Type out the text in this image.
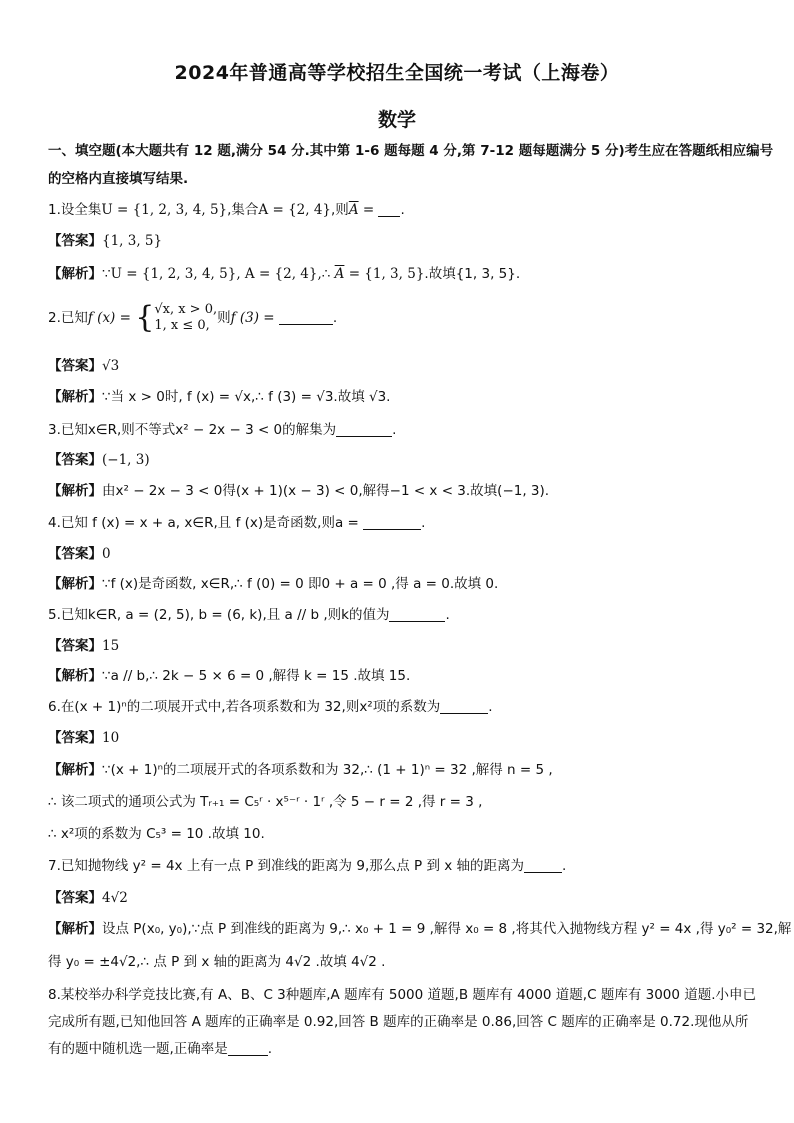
2024年普通高等学校招生全国统一考试（上海卷）
数学
一、填空题(本大题共有 12 题,满分 54 分.其中第 1-6 题每题 4 分,第 7-12 题每题满分 5 分)考生应在答题纸相应编号
的空格内直接填写结果.
1.设全集U = {1, 2, 3, 4, 5},集合A = {2, 4},则$\overline{A}$ = .
【答案】{1, 3, 5}
【解析】∵U = {1, 2, 3, 4, 5}, A = {2, 4},∴ $\overline{A} = \{1$, 3, 5}.故填{1, 3, 5}.
2.已知f (x) = {√x, x > 0,
1, x ≤ 0, 则f (3) =	.
【答案】√3
【解析】∵当 x > 0时, f (x) = √x,∴ f (3) = √3.故填 √3.
3.已知x∈R,则不等式x² − 2x − 3 < 0的解集为	.
【答案】(−1, 3)
【解析】由x² − 2x − 3 < 0得(x + 1)(x − 3) < 0,解得−1 < x < 3.故填(−1, 3).
4.已知 f (x) = x + a, x∈R,且 f (x)是奇函数,则a =	.
【答案】0
【解析】∵f (x)是奇函数, x∈R,∴ f (0) = 0 即0 + a = 0 ,得 a = 0.故填 0.
5.已知k∈R, a = (2, 5), b = (6, k),且 a // b ,则k的值为	.
【答案】15
【解析】∵a // b,∴ 2k − 5 × 6 = 0 ,解得 k = 15 .故填 15.
6.在(x + 1)ⁿ的二项展开式中,若各项系数和为 32,则x²项的系数为	.
【答案】10
【解析】∵(x + 1)ⁿ的二项展开式的各项系数和为 32,∴ (1 + 1)ⁿ = 32 ,解得 n = 5 ,
∴ 该二项式的通项公式为 Tᵣ₊₁ = C₅ʳ · x⁵⁻ʳ · 1ʳ ,令 5 − r = 2 ,得 r = 3 ,
∴ x²项的系数为 C₅³ = 10 .故填 10.
7.已知抛物线 y² = 4x 上有一点 P 到准线的距离为 9,那么点 P 到 x 轴的距离为	.
【答案】4√2
【解析】设点 P(x₀, y₀),∵点 P 到准线的距离为 9,∴ x₀ + 1 = 9 ,解得 x₀ = 8 ,将其代入抛物线方程 y² = 4x ,得 y₀² = 32,解
得 y₀ = ±4√2,∴ 点 P 到 x 轴的距离为 4√2 .故填 4√2 .
8.某校举办科学竞技比赛,有 A、B、C 3种题库,A 题库有 5000 道题,B 题库有 4000 道题,C 题库有 3000 道题.小申已
完成所有题,已知他回答 A 题库的正确率是 0.92,回答 B 题库的正确率是 0.86,回答 C 题库的正确率是 0.72.现他从所
有的题中随机选一题,正确率是	.
